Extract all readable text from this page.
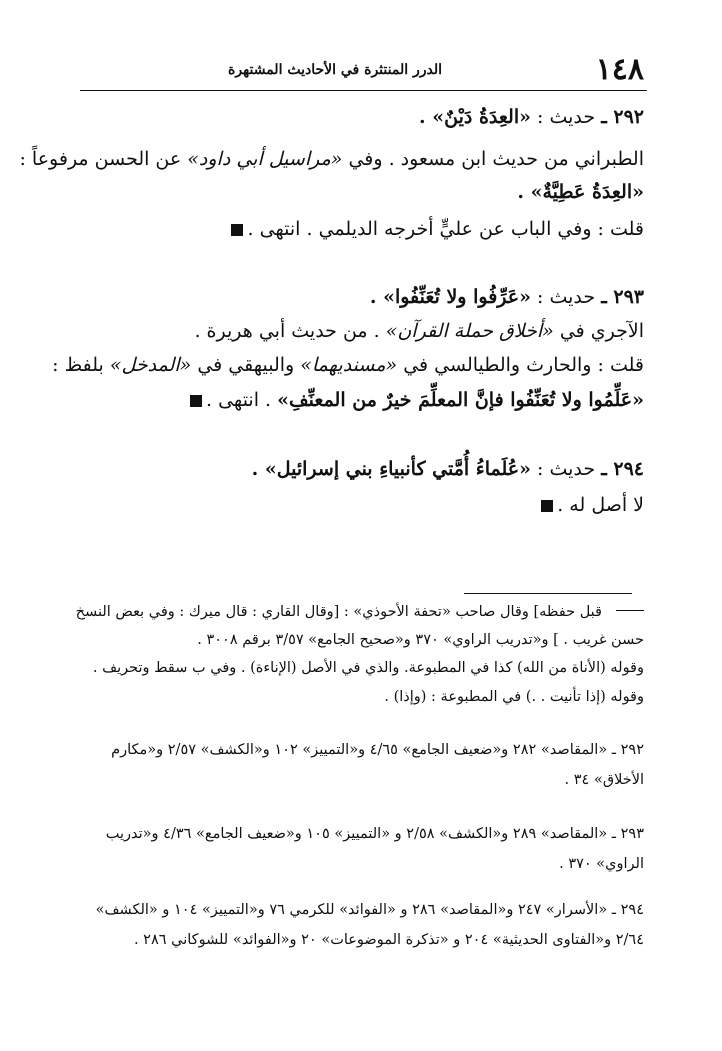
١٤٨
الدرر المنتثرة في الأحاديث المشتهرة
٢٩٢ ـ حديث : «العِدَةُ دَيْنٌ» .
الطبراني من حديث ابن مسعود . وفي «مراسيل أبي داود» عن الحسن مرفوعاً :
«العِدَةُ عَطِيَّةٌ» .
قلت : وفي الباب عن عليٍّ أخرجه الديلمي . انتهى .
٢٩٣ ـ حديث : «عَرِّفُوا ولا تُعَنِّفُوا» .
الآجري في «أخلاق حملة القرآن» . من حديث أبي هريرة .
قلت : والحارث والطيالسي في «مسنديهما» والبيهقي في «المدخل» بلفظ :
«عَلِّمُوا ولا تُعَنِّفُوا فإنَّ المعلِّمَ خيرٌ من المعنِّفِ» . انتهى .
٢٩٤ ـ حديث : «عُلَماءُ أُمَّتي كأنبياءِ بني إسرائيل» .
لا أصل له .
قبل حفظه] وقال صاحب «تحفة الأحوذي» : [وقال القاري : قال ميرك : وفي بعض النسخ
حسن غريب . ] و«تدريب الراوي» ٣٧٠ و«صحيح الجامع» ٣/٥٧ برقم ٣٠٠٨ .
وقوله (الأناة من الله) كذا في المطبوعة. والذي في الأصل (الإناءة) . وفي ب سقط وتحريف .
وقوله (إذا تأنيت . .) في المطبوعة : (وإذا) .
٢٩٢ ـ «المقاصد» ٢٨٢ و«ضعيف الجامع» ٤/٦٥ و«التمييز» ١٠٢ و«الكشف» ٢/٥٧ و«مكارم
الأخلاق» ٣٤ .
٢٩٣ ـ «المقاصد» ٢٨٩ و«الكشف» ٢/٥٨ و «التمييز» ١٠٥ و«ضعيف الجامع» ٤/٣٦ و«تدريب
الراوي» ٣٧٠ .
٢٩٤ ـ «الأسرار» ٢٤٧ و«المقاصد» ٢٨٦ و «الفوائد» للكرمي ٧٦ و«التمييز» ١٠٤ و «الكشف»
٢/٦٤ و«الفتاوى الحديثية» ٢٠٤ و «تذكرة الموضوعات» ٢٠ و«الفوائد» للشوكاني ٢٨٦ .
